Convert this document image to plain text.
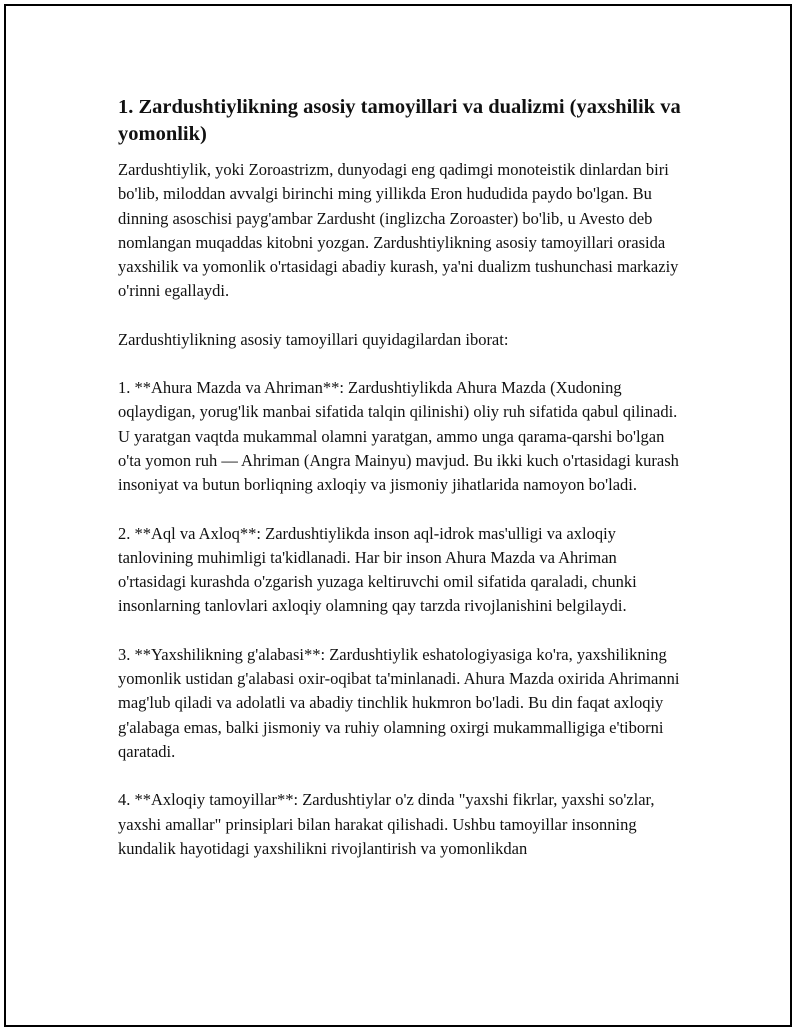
1. Zardushtiylikning asosiy tamoyillari va dualizmi (yaxshilik va yomonlik)

Zardushtiylik, yoki Zoroastrizm, dunyodagi eng qadimgi monoteistik dinlardan biri bo'lib, miloddan avvalgi birinchi ming yillikda Eron hududida paydo bo'lgan. Bu dinning asoschisi payg'ambar Zardusht (inglizcha Zoroaster) bo'lib, u Avesto deb nomlangan muqaddas kitobni yozgan. Zardushtiylikning asosiy tamoyillari orasida yaxshilik va yomonlik o'rtasidagi abadiy kurash, ya'ni dualizm tushunchasi markaziy o'rinni egallaydi.

Zardushtiylikning asosiy tamoyillari quyidagilardan iborat:

1. **Ahura Mazda va Ahriman**: Zardushtiylikda Ahura Mazda (Xudoning oqlaydigan, yorug'lik manbai sifatida talqin qilinishi) oliy ruh sifatida qabul qilinadi. U yaratgan vaqtda mukammal olamni yaratgan, ammo unga qarama-qarshi bo'lgan o'ta yomon ruh — Ahriman (Angra Mainyu) mavjud. Bu ikki kuch o'rtasidagi kurash insoniyat va butun borliqning axloqiy va jismoniy jihatlarida namoyon bo'ladi.

2. **Aql va Axloq**: Zardushtiylikda inson aql-idrok mas'ulligi va axloqiy tanlovining muhimligi ta'kidlanadi. Har bir inson Ahura Mazda va Ahriman o'rtasidagi kurashda o'zgarish yuzaga keltiruvchi omil sifatida qaraladi, chunki insonlarning tanlovlari axloqiy olamning qay tarzda rivojlanishini belgilaydi.

3. **Yaxshilikning g'alabasi**: Zardushtiylik eshatologiyasiga ko'ra, yaxshilikning yomonlik ustidan g'alabasi oxir-oqibat ta'minlanadi. Ahura Mazda oxirida Ahrimanni mag'lub qiladi va adolatli va abadiy tinchlik hukmron bo'ladi. Bu din faqat axloqiy g'alabaga emas, balki jismoniy va ruhiy olamning oxirgi mukammalligiga e'tiborni qaratadi.

4. **Axloqiy tamoyillar**: Zardushtiylar o'z dinda "yaxshi fikrlar, yaxshi so'zlar, yaxshi amallar" prinsiplari bilan harakat qilishadi. Ushbu tamoyillar insonning kundalik hayotidagi yaxshilikni rivojlantirish va yomonlikdan
